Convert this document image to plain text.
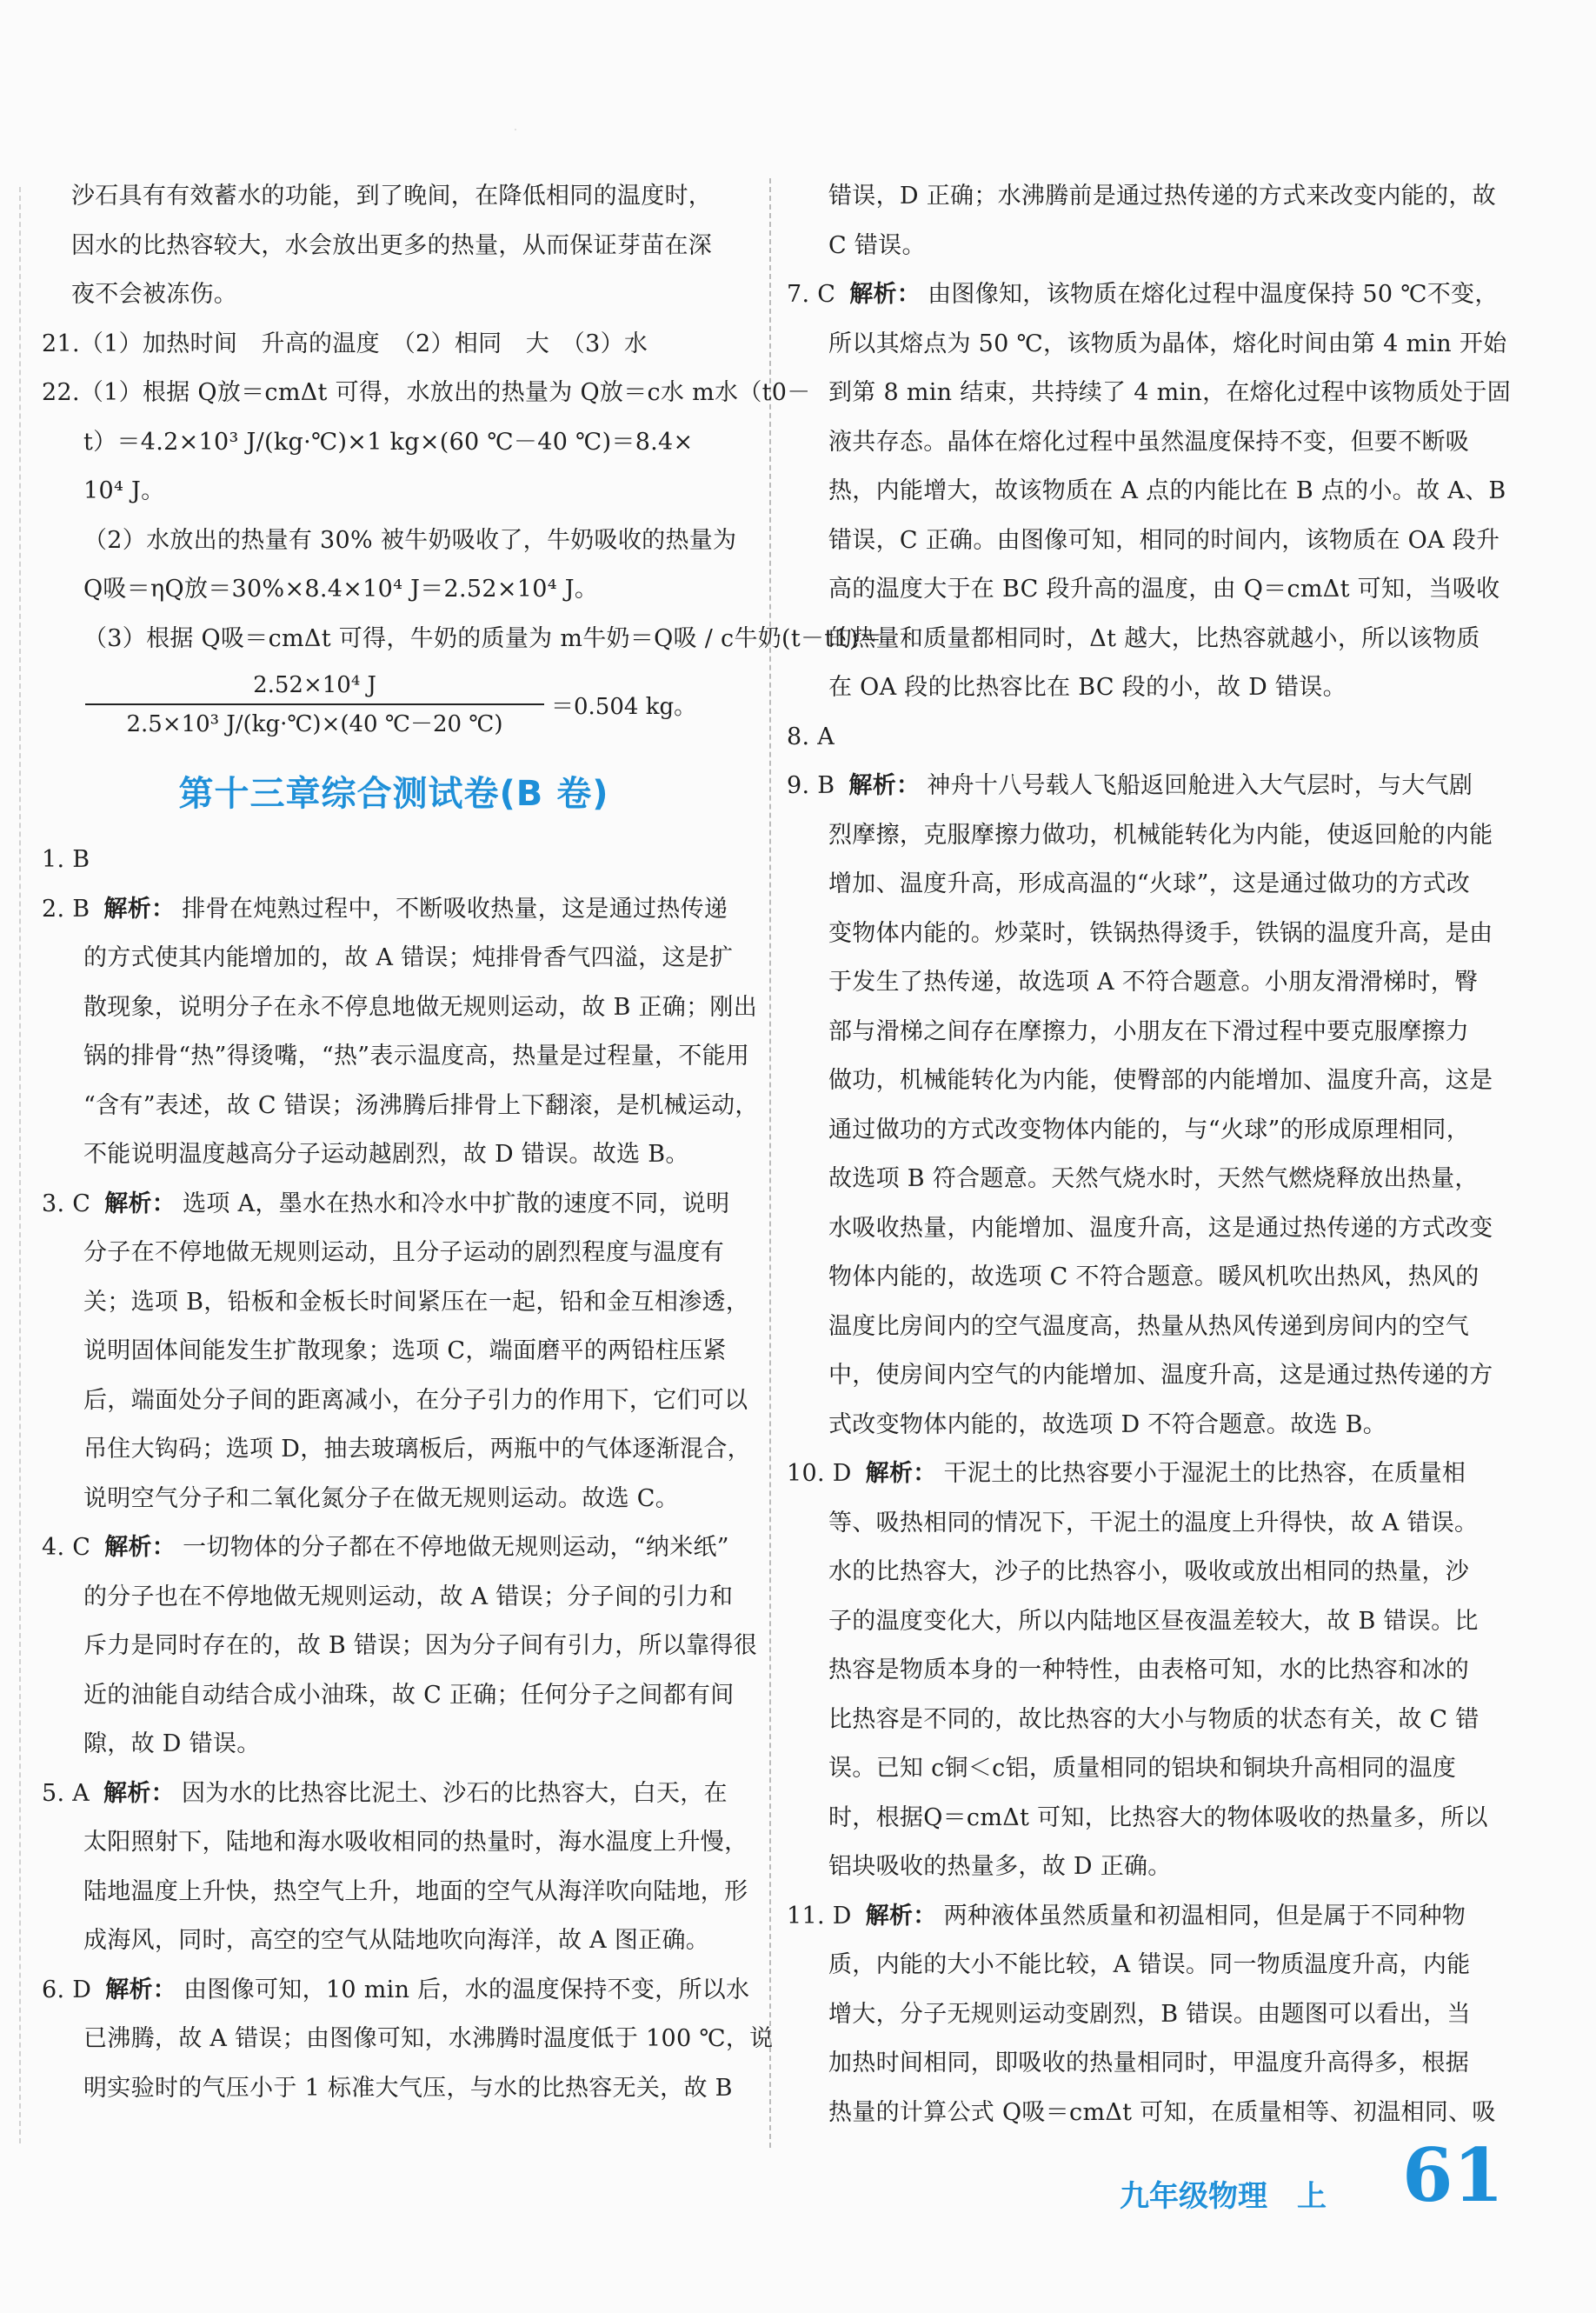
沙石具有有效蓄水的功能，到了晚间，在降低相同的温度时，

因水的比热容较大，水会放出更多的热量，从而保证芽苗在深

夜不会被冻伤。

21.（1）加热时间　升高的温度　（2）相同　大　（3）水

22.（1）根据 Q放＝cmΔt 可得，水放出的热量为 Q放＝c水 m水（t0－

t）＝4.2×10³ J/(kg·℃)×1 kg×(60 ℃－40 ℃)＝8.4×

10⁴ J。

（2）水放出的热量有 30% 被牛奶吸收了，牛奶吸收的热量为

Q吸＝ηQ放＝30%×8.4×10⁴ J＝2.52×10⁴ J。

（3）根据 Q吸＝cmΔt 可得，牛奶的质量为 m牛奶＝Q吸 / c牛奶(t－t1)＝

2.52×10⁴ J
2.5×10³ J/(kg·℃)×(40 ℃－20 ℃)
＝0.504 kg。
第十三章综合测试卷(B 卷)

1. B

2. B 解析： 排骨在炖熟过程中，不断吸收热量，这是通过热传递

的方式使其内能增加的，故 A 错误；炖排骨香气四溢，这是扩

散现象，说明分子在永不停息地做无规则运动，故 B 正确；刚出

锅的排骨“热”得烫嘴，“热”表示温度高，热量是过程量，不能用

“含有”表述，故 C 错误；汤沸腾后排骨上下翻滚，是机械运动，

不能说明温度越高分子运动越剧烈，故 D 错误。故选 B。

3. C 解析： 选项 A，墨水在热水和冷水中扩散的速度不同，说明

分子在不停地做无规则运动，且分子运动的剧烈程度与温度有

关；选项 B，铅板和金板长时间紧压在一起，铅和金互相渗透，

说明固体间能发生扩散现象；选项 C，端面磨平的两铅柱压紧

后，端面处分子间的距离减小，在分子引力的作用下，它们可以

吊住大钩码；选项 D，抽去玻璃板后，两瓶中的气体逐渐混合，

说明空气分子和二氧化氮分子在做无规则运动。故选 C。

4. C 解析： 一切物体的分子都在不停地做无规则运动，“纳米纸”

的分子也在不停地做无规则运动，故 A 错误；分子间的引力和

斥力是同时存在的，故 B 错误；因为分子间有引力，所以靠得很

近的油能自动结合成小油珠，故 C 正确；任何分子之间都有间

隙，故 D 错误。

5. A 解析： 因为水的比热容比泥土、沙石的比热容大，白天，在

太阳照射下，陆地和海水吸收相同的热量时，海水温度上升慢，

陆地温度上升快，热空气上升，地面的空气从海洋吹向陆地，形

成海风，同时，高空的空气从陆地吹向海洋，故 A 图正确。

6. D 解析： 由图像可知，10 min 后，水的温度保持不变，所以水

已沸腾，故 A 错误；由图像可知，水沸腾时温度低于 100 ℃，说

明实验时的气压小于 1 标准大气压，与水的比热容无关，故 B

错误，D 正确；水沸腾前是通过热传递的方式来改变内能的，故

C 错误。

7. C 解析： 由图像知，该物质在熔化过程中温度保持 50 ℃不变，

所以其熔点为 50 ℃，该物质为晶体，熔化时间由第 4 min 开始

到第 8 min 结束，共持续了 4 min，在熔化过程中该物质处于固

液共存态。晶体在熔化过程中虽然温度保持不变，但要不断吸

热，内能增大，故该物质在 A 点的内能比在 B 点的小。故 A、B

错误，C 正确。由图像可知，相同的时间内，该物质在 OA 段升

高的温度大于在 BC 段升高的温度，由 Q＝cmΔt 可知，当吸收

的热量和质量都相同时，Δt 越大，比热容就越小，所以该物质

在 OA 段的比热容比在 BC 段的小，故 D 错误。

8. A

9. B 解析： 神舟十八号载人飞船返回舱进入大气层时，与大气剧

烈摩擦，克服摩擦力做功，机械能转化为内能，使返回舱的内能

增加、温度升高，形成高温的“火球”，这是通过做功的方式改

变物体内能的。炒菜时，铁锅热得烫手，铁锅的温度升高，是由

于发生了热传递，故选项 A 不符合题意。小朋友滑滑梯时，臀

部与滑梯之间存在摩擦力，小朋友在下滑过程中要克服摩擦力

做功，机械能转化为内能，使臀部的内能增加、温度升高，这是

通过做功的方式改变物体内能的，与“火球”的形成原理相同，

故选项 B 符合题意。天然气烧水时，天然气燃烧释放出热量，

水吸收热量，内能增加、温度升高，这是通过热传递的方式改变

物体内能的，故选项 C 不符合题意。暖风机吹出热风，热风的

温度比房间内的空气温度高，热量从热风传递到房间内的空气

中，使房间内空气的内能增加、温度升高，这是通过热传递的方

式改变物体内能的，故选项 D 不符合题意。故选 B。

10. D 解析： 干泥土的比热容要小于湿泥土的比热容，在质量相

等、吸热相同的情况下，干泥土的温度上升得快，故 A 错误。

水的比热容大，沙子的比热容小，吸收或放出相同的热量，沙

子的温度变化大，所以内陆地区昼夜温差较大，故 B 错误。比

热容是物质本身的一种特性，由表格可知，水的比热容和冰的

比热容是不同的，故比热容的大小与物质的状态有关，故 C 错

误。已知 c铜＜c铝，质量相同的铝块和铜块升高相同的温度

时，根据Q＝cmΔt 可知，比热容大的物体吸收的热量多，所以

铝块吸收的热量多，故 D 正确。

11. D 解析： 两种液体虽然质量和初温相同，但是属于不同种物

质，内能的大小不能比较，A 错误。同一物质温度升高，内能

增大，分子无规则运动变剧烈，B 错误。由题图可以看出，当

加热时间相同，即吸收的热量相同时，甲温度升高得多，根据

热量的计算公式 Q吸＝cmΔt 可知，在质量相等、初温相同、吸

九年级物理　上 61
